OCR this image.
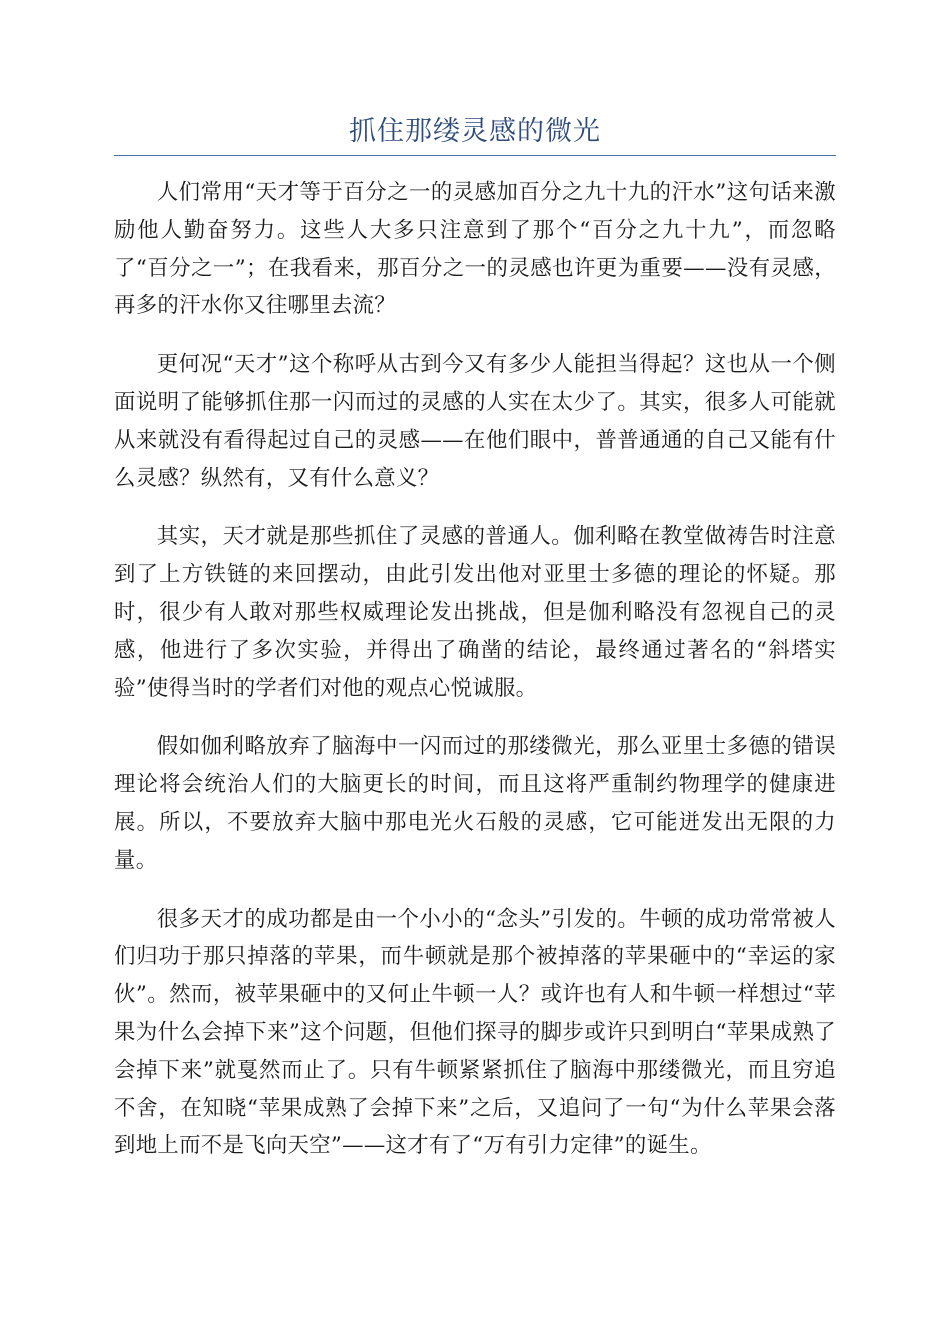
抓住那缕灵感的微光

人们常用“天才等于百分之一的灵感加百分之九十九的汗水”这句话来激励他人勤奋努力。这些人大多只注意到了那个“百分之九十九”，而忽略了“百分之一”；在我看来，那百分之一的灵感也许更为重要——没有灵感，再多的汗水你又往哪里去流？

更何况“天才”这个称呼从古到今又有多少人能担当得起？这也从一个侧面说明了能够抓住那一闪而过的灵感的人实在太少了。其实，很多人可能就从来就没有看得起过自己的灵感——在他们眼中，普普通通的自己又能有什么灵感？纵然有，又有什么意义？

其实，天才就是那些抓住了灵感的普通人。伽利略在教堂做祷告时注意到了上方铁链的来回摆动，由此引发出他对亚里士多德的理论的怀疑。那时，很少有人敢对那些权威理论发出挑战，但是伽利略没有忽视自己的灵感，他进行了多次实验，并得出了确凿的结论，最终通过著名的“斜塔实验”使得当时的学者们对他的观点心悦诚服。

假如伽利略放弃了脑海中一闪而过的那缕微光，那么亚里士多德的错误理论将会统治人们的大脑更长的时间，而且这将严重制约物理学的健康进展。所以，不要放弃大脑中那电光火石般的灵感，它可能迸发出无限的力量。

很多天才的成功都是由一个小小的“念头”引发的。牛顿的成功常常被人们归功于那只掉落的苹果，而牛顿就是那个被掉落的苹果砸中的“幸运的家伙”。然而，被苹果砸中的又何止牛顿一人？或许也有人和牛顿一样想过“苹果为什么会掉下来”这个问题，但他们探寻的脚步或许只到明白“苹果成熟了会掉下来”就戛然而止了。只有牛顿紧紧抓住了脑海中那缕微光，而且穷追不舍，在知晓“苹果成熟了会掉下来”之后，又追问了一句“为什么苹果会落到地上而不是飞向天空”——这才有了“万有引力定律”的诞生。
